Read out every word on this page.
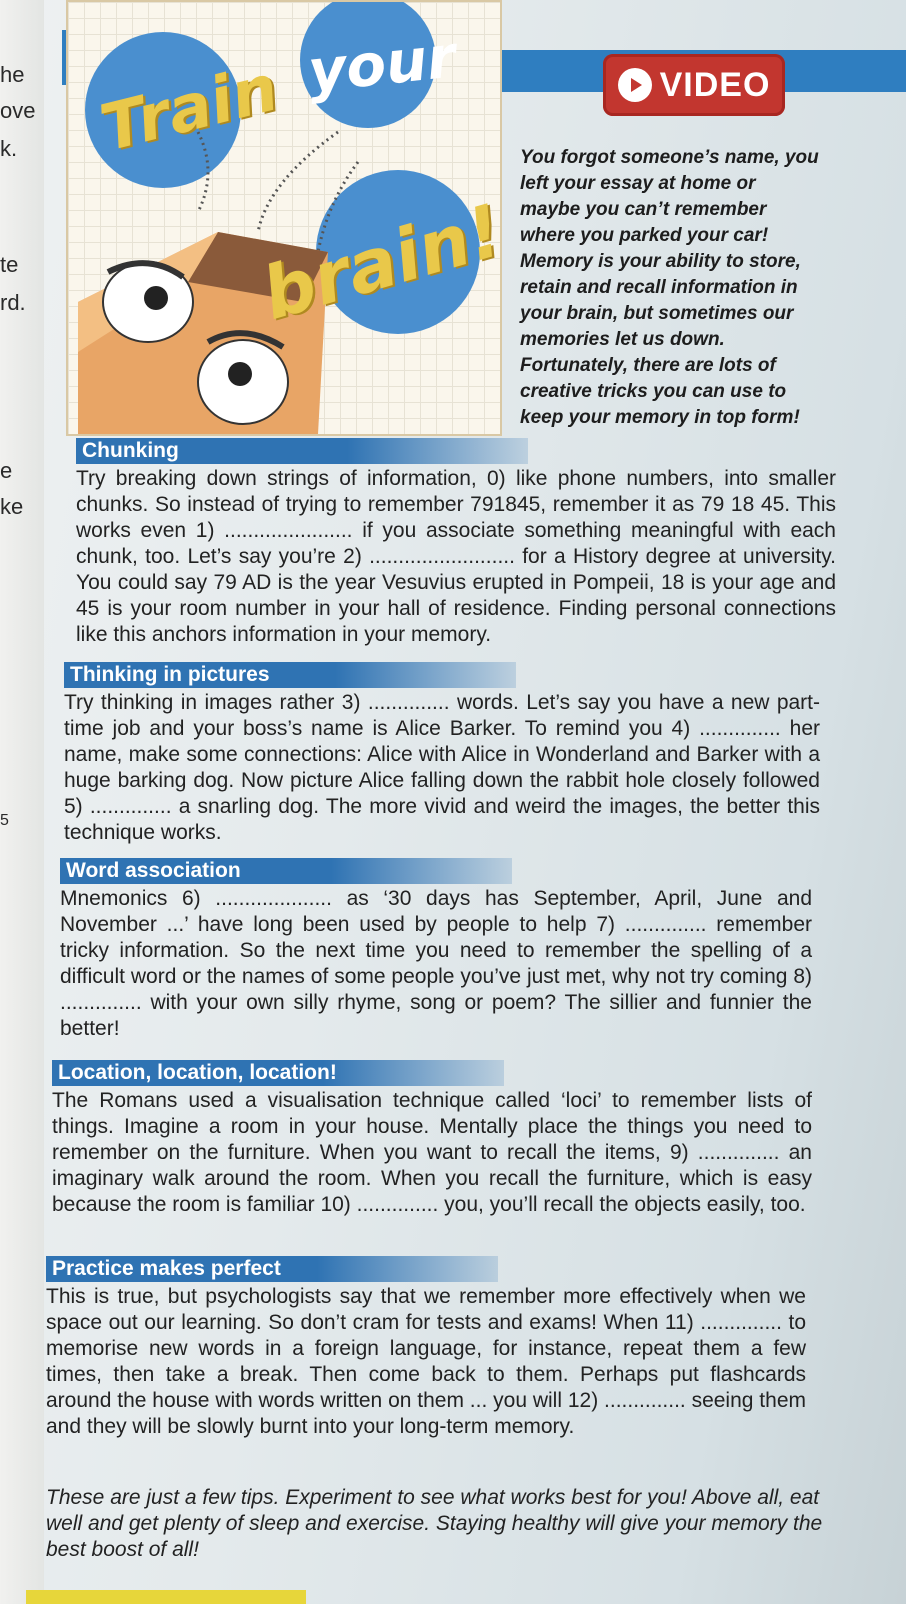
he
ove
k.
te
rd.
e
ke
5
Train your
brain!
VIDEO
You forgot someone’s name, you left your essay at home or maybe you can’t remember where you parked your car! Memory is your ability to store, retain and recall information in your brain, but sometimes our memories let us down. Fortunately, there are lots of creative tricks you can use to keep your memory in top form!
Chunking

Try breaking down strings of information, 0) like phone numbers, into smaller chunks. So instead of trying to remember 791845, remember it as 79 18 45. This works even 1) ...................... if you associate something meaningful with each chunk, too. Let’s say you’re 2) ......................... for a History degree at university. You could say 79 AD is the year Vesuvius erupted in Pompeii, 18 is your age and 45 is your room number in your hall of residence. Finding personal connections like this anchors information in your memory.

Thinking in pictures

Try thinking in images rather 3) .............. words. Let’s say you have a new part-time job and your boss’s name is Alice Barker. To remind you 4) .............. her name, make some connections: Alice with Alice in Wonderland and Barker with a huge barking dog. Now picture Alice falling down the rabbit hole closely followed 5) .............. a snarling dog. The more vivid and weird the images, the better this technique works.

Word association

Mnemonics 6) .................... as ‘30 days has September, April, June and November ...’ have long been used by people to help 7) .............. remember tricky information. So the next time you need to remember the spelling of a difficult word or the names of some people you’ve just met, why not try coming 8) .............. with your own silly rhyme, song or poem? The sillier and funnier the better!

Location, location, location!

The Romans used a visualisation technique called ‘loci’ to remember lists of things. Imagine a room in your house. Mentally place the things you need to remember on the furniture. When you want to recall the items, 9) .............. an imaginary walk around the room. When you recall the furniture, which is easy because the room is familiar 10) .............. you, you’ll recall the objects easily, too.

Practice makes perfect

This is true, but psychologists say that we remember more effectively when we space out our learning. So don’t cram for tests and exams! When 11) .............. to memorise new words in a foreign language, for instance, repeat them a few times, then take a break. Then come back to them. Perhaps put flashcards around the house with words written on them ... you will 12) .............. seeing them and they will be slowly burnt into your long-term memory.

These are just a few tips. Experiment to see what works best for you! Above all, eat well and get plenty of sleep and exercise. Staying healthy will give your memory the best boost of all!
